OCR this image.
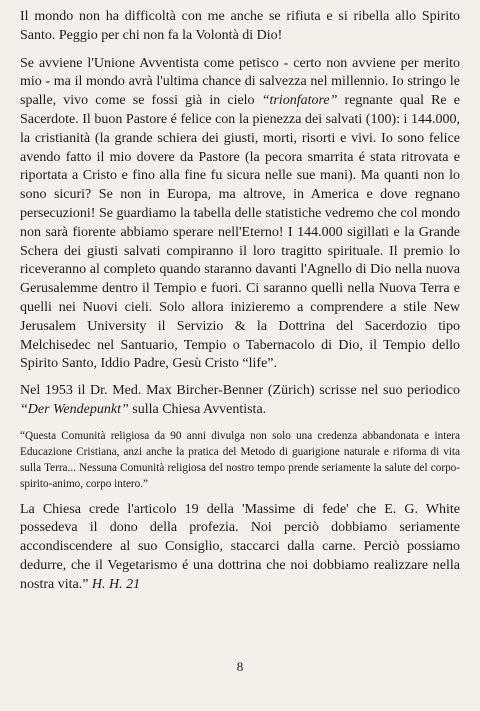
Il mondo non ha difficoltà con me anche se rifiuta e si ribella allo Spirito Santo. Peggio per chi non fa la Volontà di Dio!

Se avviene l'Unione Avventista come petisco - certo non avviene per merito mio - ma il mondo avrà l'ultima chance di salvezza nel millennio. Io stringo le spalle, vivo come se fossi già in cielo “trionfatore” regnante qual Re e Sacerdote. Il buon Pastore é felice con la pienezza dei salvati (100): i 144.000, la cristianità (la grande schiera dei giusti, morti, risorti e vivi. Io sono felice avendo fatto il mio dovere da Pastore (la pecora smarrita é stata ritrovata e riportata a Cristo e fino alla fine fu sicura nelle sue mani). Ma quanti non lo sono sicuri? Se non in Europa, ma altrove, in America e dove regnano persecuzioni! Se guardiamo la tabella delle statistiche vedremo che col mondo non sarà fiorente abbiamo sperare nell'Eterno! I 144.000 sigillati e la Grande Schera dei giusti salvati compiranno il loro tragitto spirituale. Il premio lo riceveranno al completo quando staranno davanti l'Agnello di Dio nella nuova Gerusalemme dentro il Tempio e fuori. Ci saranno quelli nella Nuova Terra e quelli nei Nuovi cieli. Solo allora inizieremo a comprendere a stile New Jerusalem University il Servizio & la Dottrina del Sacerdozio tipo Melchisedec nel Santuario, Tempio o Tabernacolo di Dio, il Tempio dello Spirito Santo, Iddio Padre, Gesù Cristo “life”.

Nel 1953 il Dr. Med. Max Bircher-Benner (Zürich) scrisse nel suo periodico “Der Wendepunkt” sulla Chiesa Avventista.

“Questa Comunità religiosa da 90 anni divulga non solo una credenza abbandonata e intera Educazione Cristiana, anzi anche la pratica del Metodo di guarigione naturale e riforma di vita sulla Terra... Nessuna Comunità religiosa del nostro tempo prende seriamente la salute del corpo-spirito-animo, corpo intero.”

La Chiesa crede l'articolo 19 della 'Massime di fede' che E. G. White possedeva il dono della profezia. Noi perciò dobbiamo seriamente accondiscendere al suo Consiglio, staccarci dalla carne. Perciò possiamo dedurre, che il Vegetarismo é una dottrina che noi dobbiamo realizzare nella nostra vita.” H. H. 21

8
